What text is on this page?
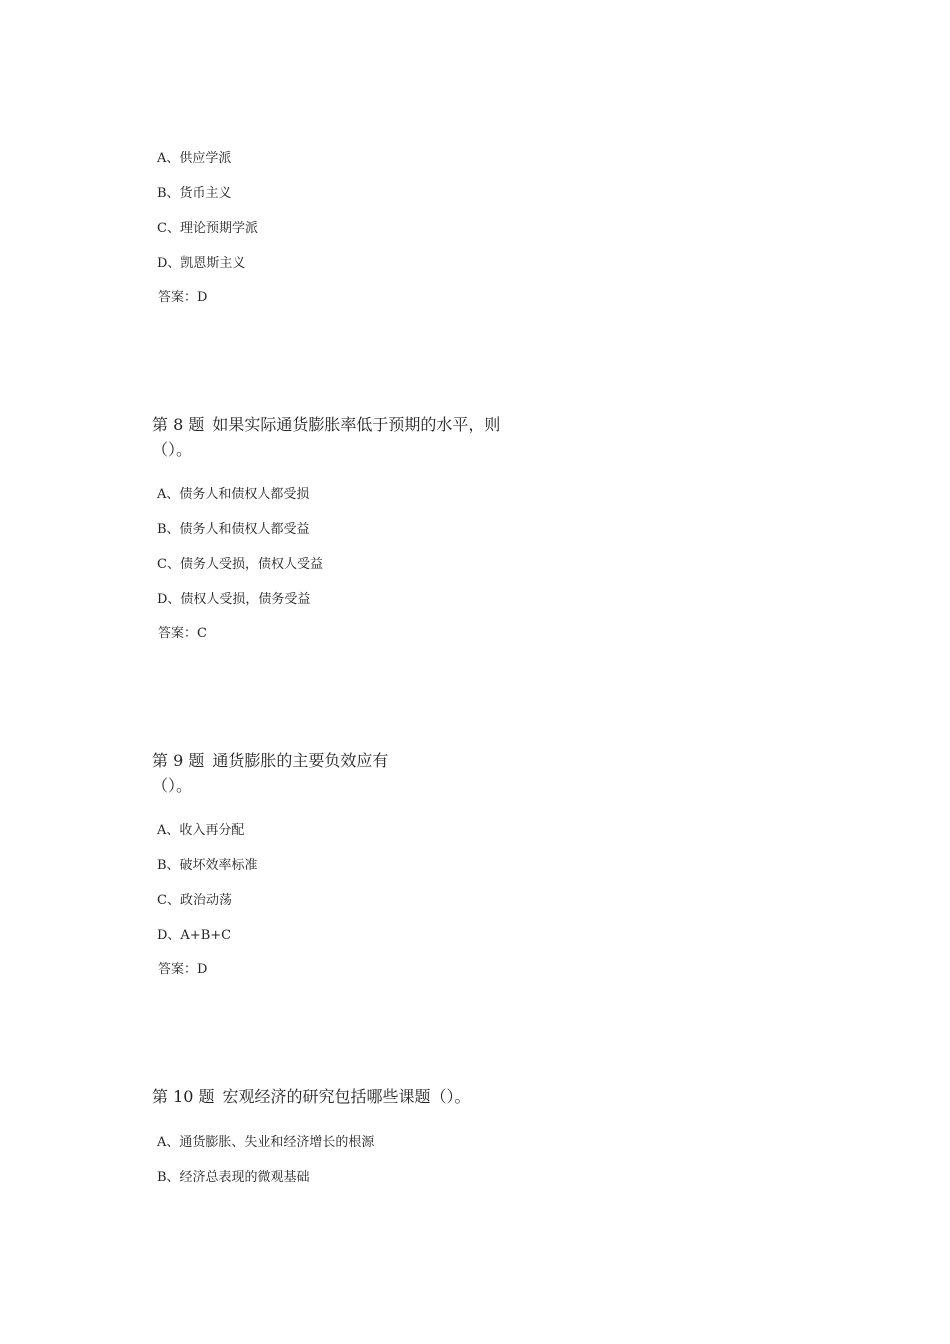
A、供应学派
B、货币主义
C、理论预期学派
D、凯恩斯主义
答案：D
第 8 题 如果实际通货膨胀率低于预期的水平，则
（）。
A、债务人和债权人都受损
B、债务人和债权人都受益
C、债务人受损，债权人受益
D、债权人受损，债务受益
答案：C
第 9 题 通货膨胀的主要负效应有
（）。
A、收入再分配
B、破坏效率标准
C、政治动荡
D、A+B+C
答案：D
第 10 题 宏观经济的研究包括哪些课题（）。
A、通货膨胀、失业和经济增长的根源
B、经济总表现的微观基础
